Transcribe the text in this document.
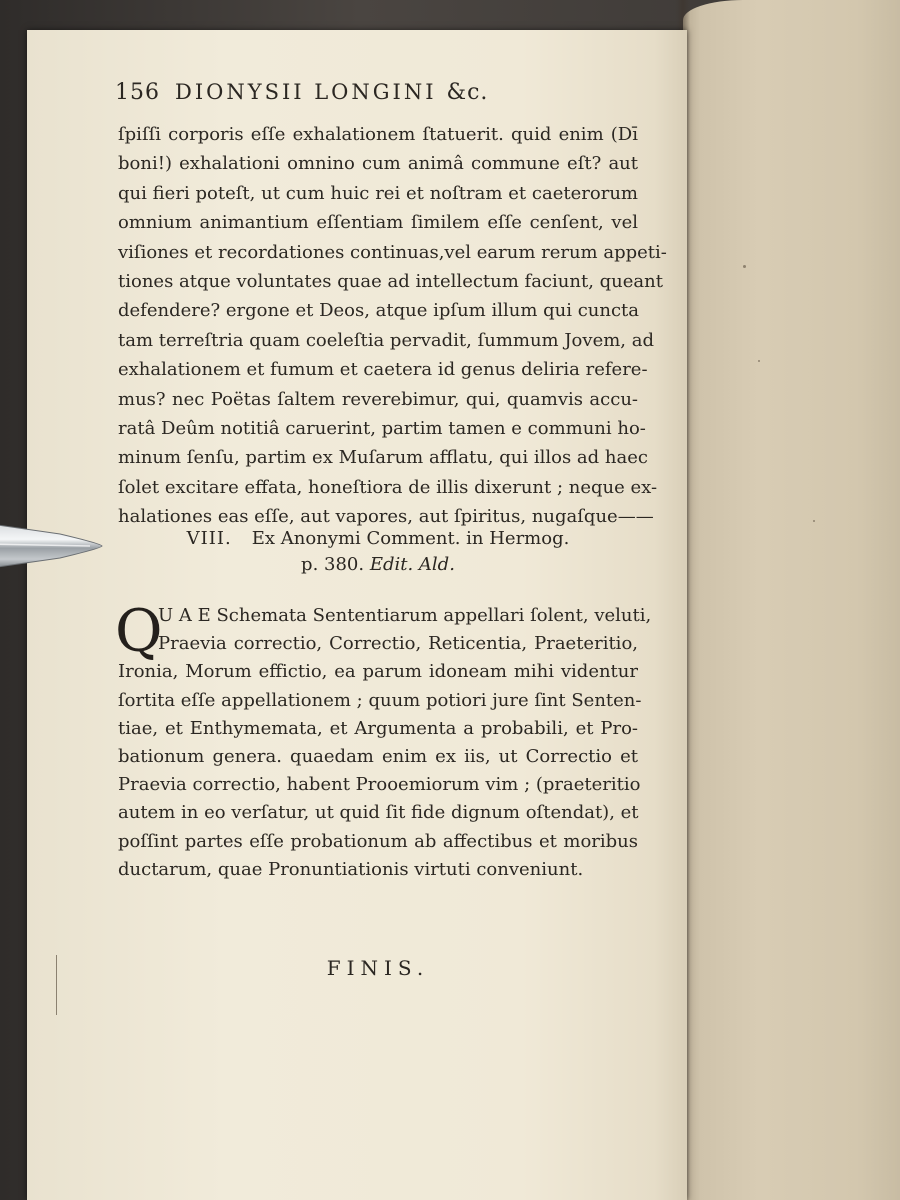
156 DIONYSII LONGINI &c.
ſpiſſi corporis eſſe exhalationem ſtatuerit. quid enim (Dī
boni!) exhalationi omnino cum animâ commune eſt? aut
qui fieri poteſt, ut cum huic rei et noſtram et caeterorum
omnium animantium eſſentiam ſimilem eſſe cenſent, vel
viſiones et recordationes continuas,vel earum rerum appeti-
tiones atque voluntates quae ad intellectum faciunt, queant
defendere? ergone et Deos, atque ipſum illum qui cuncta
tam terreſtria quam coeleſtia pervadit, ſummum Jovem, ad
exhalationem et fumum et caetera id genus deliria refere-
mus? nec Poëtas ſaltem reverebimur, qui, quamvis accu-
ratâ Deûm notitiâ caruerint, partim tamen e communi ho-
minum ſenſu, partim ex Muſarum afflatu, qui illos ad haec
ſolet excitare effata, honeſtiora de illis dixerunt ; neque ex-
halationes eas eſſe, aut vapores, aut ſpiritus, nugaſque——
VIII. Ex Anonymi Comment. in Hermog.
p. 380. Edit. Ald.
Q
U A E Schemata Sententiarum appellari ſolent, veluti,
Praevia correctio, Correctio, Reticentia, Praeteritio,
Ironia, Morum effictio, ea parum idoneam mihi videntur
ſortita eſſe appellationem ; quum potiori jure ſint Senten-
tiae, et Enthymemata, et Argumenta a probabili, et Pro-
bationum genera. quaedam enim ex iis, ut Correctio et
Praevia correctio, habent Prooemiorum vim ; (praeteritio
autem in eo verſatur, ut quid ſit fide dignum oſtendat), et
poſſint partes eſſe probationum ab affectibus et moribus
ductarum, quae Pronuntiationis virtuti conveniunt.
FINIS.
